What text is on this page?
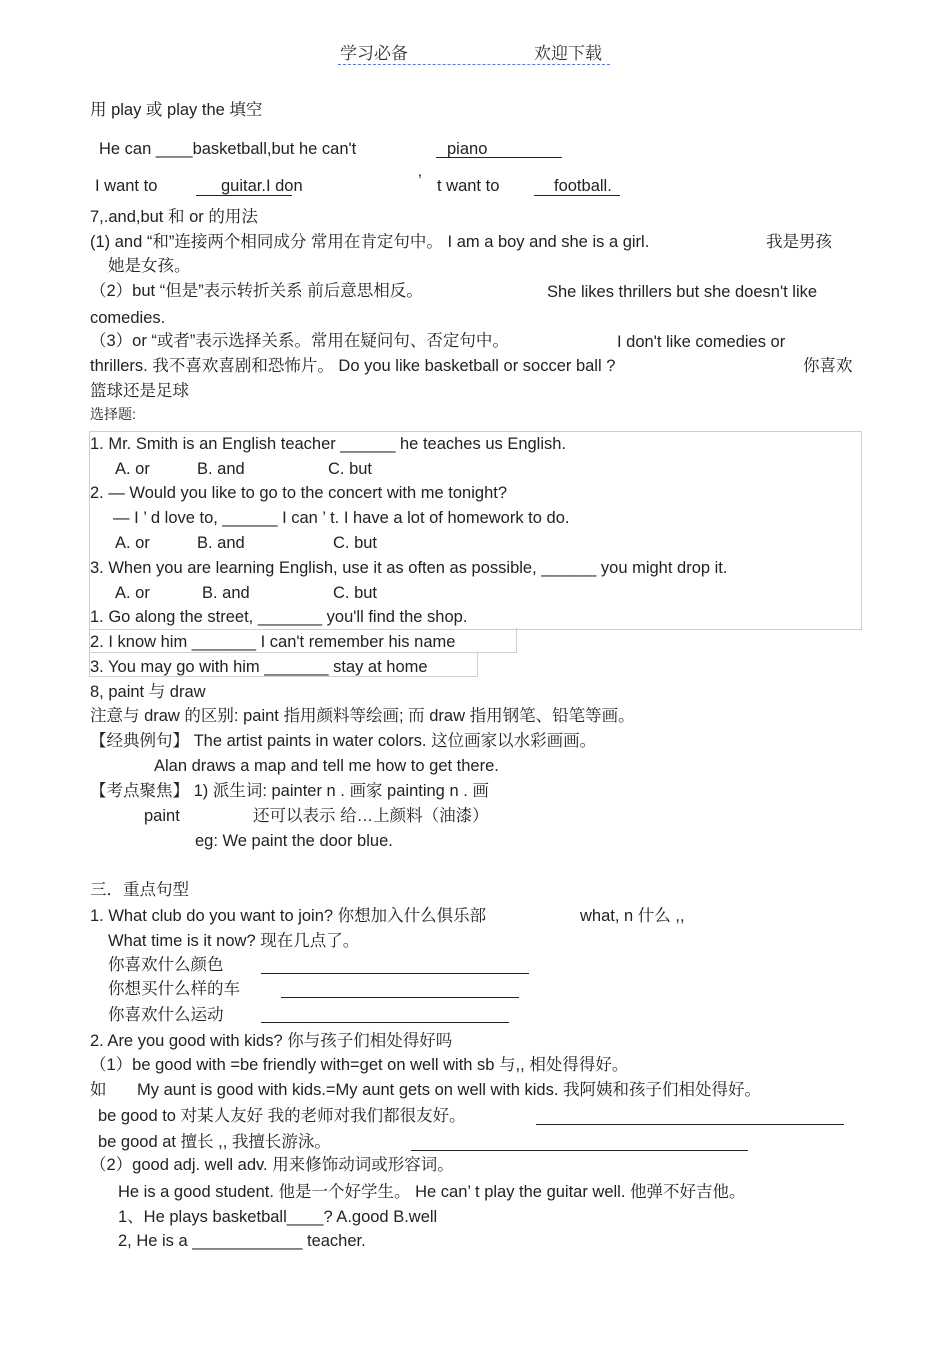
学习必备	欢迎下载
用 play 或 play the 填空
He can ____basketball,but he can't	piano
I want to	guitar.I don	’ t want to	football.
7,.and,but 和 or 的用法
(1) and “和”连接两个相同成分 常用在肯定句中。 I am a boy and she is a girl.	我是男孩
她是女孩。
（2）but “但是”表示转折关系 前后意思相反。	She likes thrillers but she doesn't like
comedies.
（3）or “或者”表示选择关系。常用在疑问句、否定句中。	I don't like comedies or
thrillers. 我不喜欢喜剧和恐怖片。 Do you like basketball or soccer ball ?	你喜欢
篮球还是足球
选择题:
1. Mr. Smith is an English teacher ______ he teaches us English.
A. or	B. and	C. but
2. — Would you like to go to the concert with me tonight?
— I ’ d love to, ______ I can ’ t. I have a lot of homework to do.
A. or	B. and	C. but
3. When you are learning English, use it as often as possible, ______ you might drop it.
A. or	B. and	C. but
1. Go along the street, _______ you'll find the shop.
2. I know him _______ I can't remember his name
3. You may go with him _______ stay at home
8, paint 与 draw
注意与 draw 的区别: paint 指用颜料等绘画; 而 draw 指用钢笔、铅笔等画。
【经典例句】 The artist paints in water colors. 这位画家以水彩画画。
Alan draws a map and tell me how to get there.
【考点聚焦】 1) 派生词: painter n . 画家 painting n . 画
paint	还可以表示 给…上颜料（油漆）
eg: We paint the door blue.
三．重点句型
1. What club do you want to join? 你想加入什么俱乐部	what, n 什么 ,,
What time is it now? 现在几点了。
你喜欢什么颜色
你想买什么样的车
你喜欢什么运动
2. Are you good with kids? 你与孩子们相处得好吗
（1）be good with =be friendly with=get on well with sb 与,, 相处得得好。
如 My aunt is good with kids.=My aunt gets on well with kids. 我阿姨和孩子们相处得好。
be good to 对某人友好 我的老师对我们都很友好。
be good at 擅长 ,, 我擅长游泳。
（2）good adj. well adv. 用来修饰动词或形容词。
He is a good student. 他是一个好学生。 He can’ t play the guitar well. 他弹不好吉他。
1、He plays basketball____? A.good B.well
2, He is a ____________ teacher.
